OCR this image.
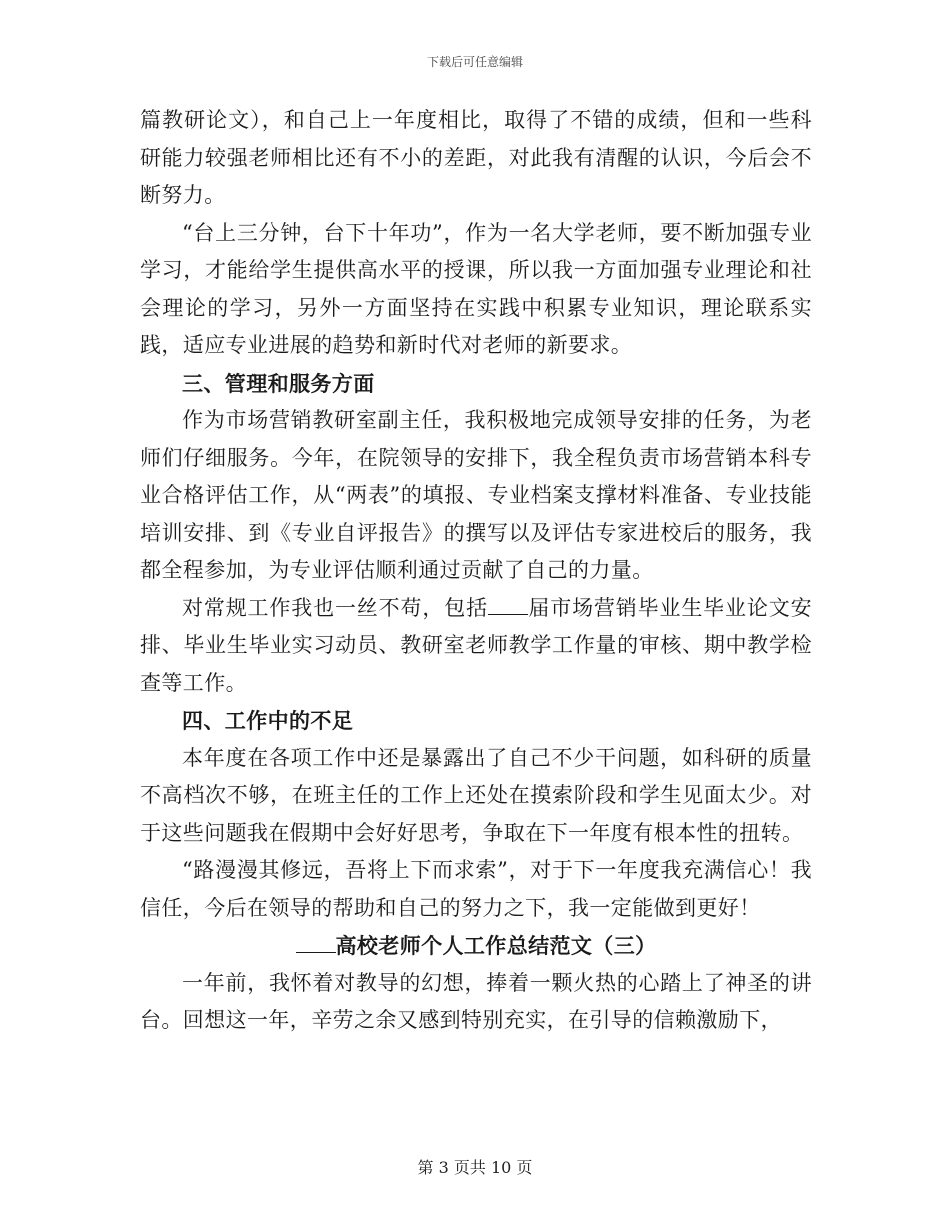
下载后可任意编辑

篇教研论文），和自己上一年度相比，取得了不错的成绩，但和一些科研能力较强老师相比还有不小的差距，对此我有清醒的认识，今后会不断努力。

“台上三分钟，台下十年功”，作为一名大学老师，要不断加强专业学习，才能给学生提供高水平的授课，所以我一方面加强专业理论和社会理论的学习，另外一方面坚持在实践中积累专业知识，理论联系实践，适应专业进展的趋势和新时代对老师的新要求。

三、管理和服务方面

作为市场营销教研室副主任，我积极地完成领导安排的任务，为老师们仔细服务。今年，在院领导的安排下，我全程负责市场营销本科专业合格评估工作，从“两表”的填报、专业档案支撑材料准备、专业技能培训安排、到《专业自评报告》的撰写以及评估专家进校后的服务，我都全程参加，为专业评估顺利通过贡献了自己的力量。

对常规工作我也一丝不苟，包括 届市场营销毕业生毕业论文安排、毕业生毕业实习动员、教研室老师教学工作量的审核、期中教学检查等工作。

四、工作中的不足

本年度在各项工作中还是暴露出了自己不少干问题，如科研的质量不高档次不够，在班主任的工作上还处在摸索阶段和学生见面太少。对于这些问题我在假期中会好好思考，争取在下一年度有根本性的扭转。

“路漫漫其修远，吾将上下而求索”，对于下一年度我充满信心！我信任，今后在领导的帮助和自己的努力之下，我一定能做到更好！

高校老师个人工作总结范文（三）

一年前，我怀着对教导的幻想，捧着一颗火热的心踏上了神圣的讲台。回想这一年，辛劳之余又感到特别充实，在引导的信赖激励下，

第 3 页共 10 页
